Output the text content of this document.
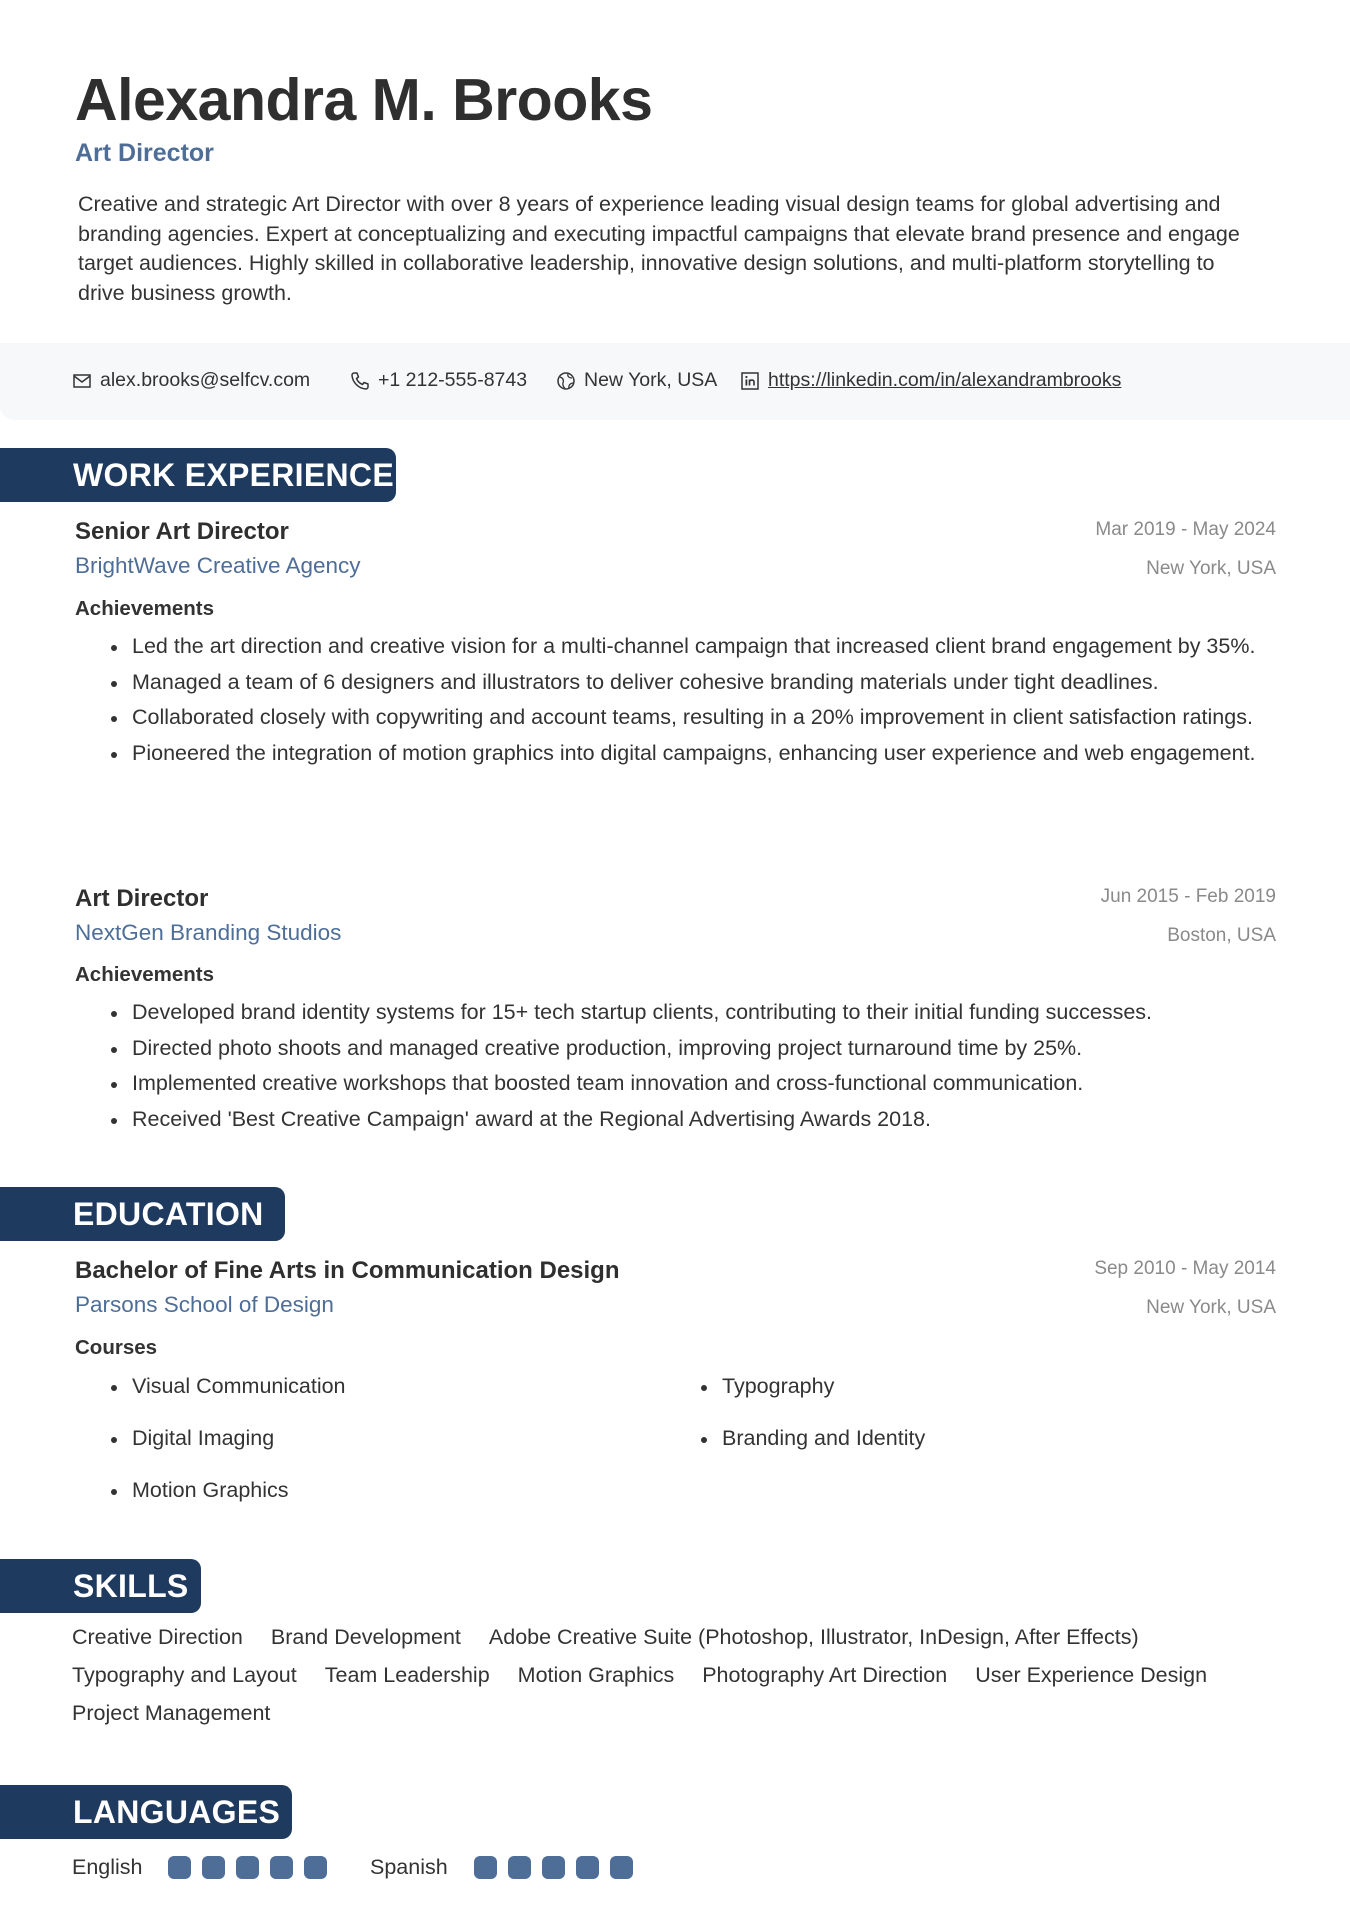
Alexandra M. Brooks
Art Director
Creative and strategic Art Director with over 8 years of experience leading visual design teams for global advertising and branding agencies. Expert at conceptualizing and executing impactful campaigns that elevate brand presence and engage target audiences. Highly skilled in collaborative leadership, innovative design solutions, and multi-platform storytelling to drive business growth.
alex.brooks@selfcv.com	+1 212-555-8743	New York, USA	https://linkedin.com/in/alexandrambrooks
WORK EXPERIENCE
Senior Art Director	Mar 2019 - May 2024
BrightWave Creative Agency	New York, USA
Achievements
Led the art direction and creative vision for a multi-channel campaign that increased client brand engagement by 35%.
Managed a team of 6 designers and illustrators to deliver cohesive branding materials under tight deadlines.
Collaborated closely with copywriting and account teams, resulting in a 20% improvement in client satisfaction ratings.
Pioneered the integration of motion graphics into digital campaigns, enhancing user experience and web engagement.
Art Director	Jun 2015 - Feb 2019
NextGen Branding Studios	Boston, USA
Achievements
Developed brand identity systems for 15+ tech startup clients, contributing to their initial funding successes.
Directed photo shoots and managed creative production, improving project turnaround time by 25%.
Implemented creative workshops that boosted team innovation and cross-functional communication.
Received 'Best Creative Campaign' award at the Regional Advertising Awards 2018.
EDUCATION
Bachelor of Fine Arts in Communication Design	Sep 2010 - May 2014
Parsons School of Design	New York, USA
Courses
Visual Communication	Typography
Digital Imaging	Branding and Identity
Motion Graphics
SKILLS
Creative Direction Brand Development Adobe Creative Suite (Photoshop, Illustrator, InDesign, After Effects)
Typography and Layout Team Leadership Motion Graphics Photography Art Direction User Experience Design
Project Management
LANGUAGES
English	Spanish
